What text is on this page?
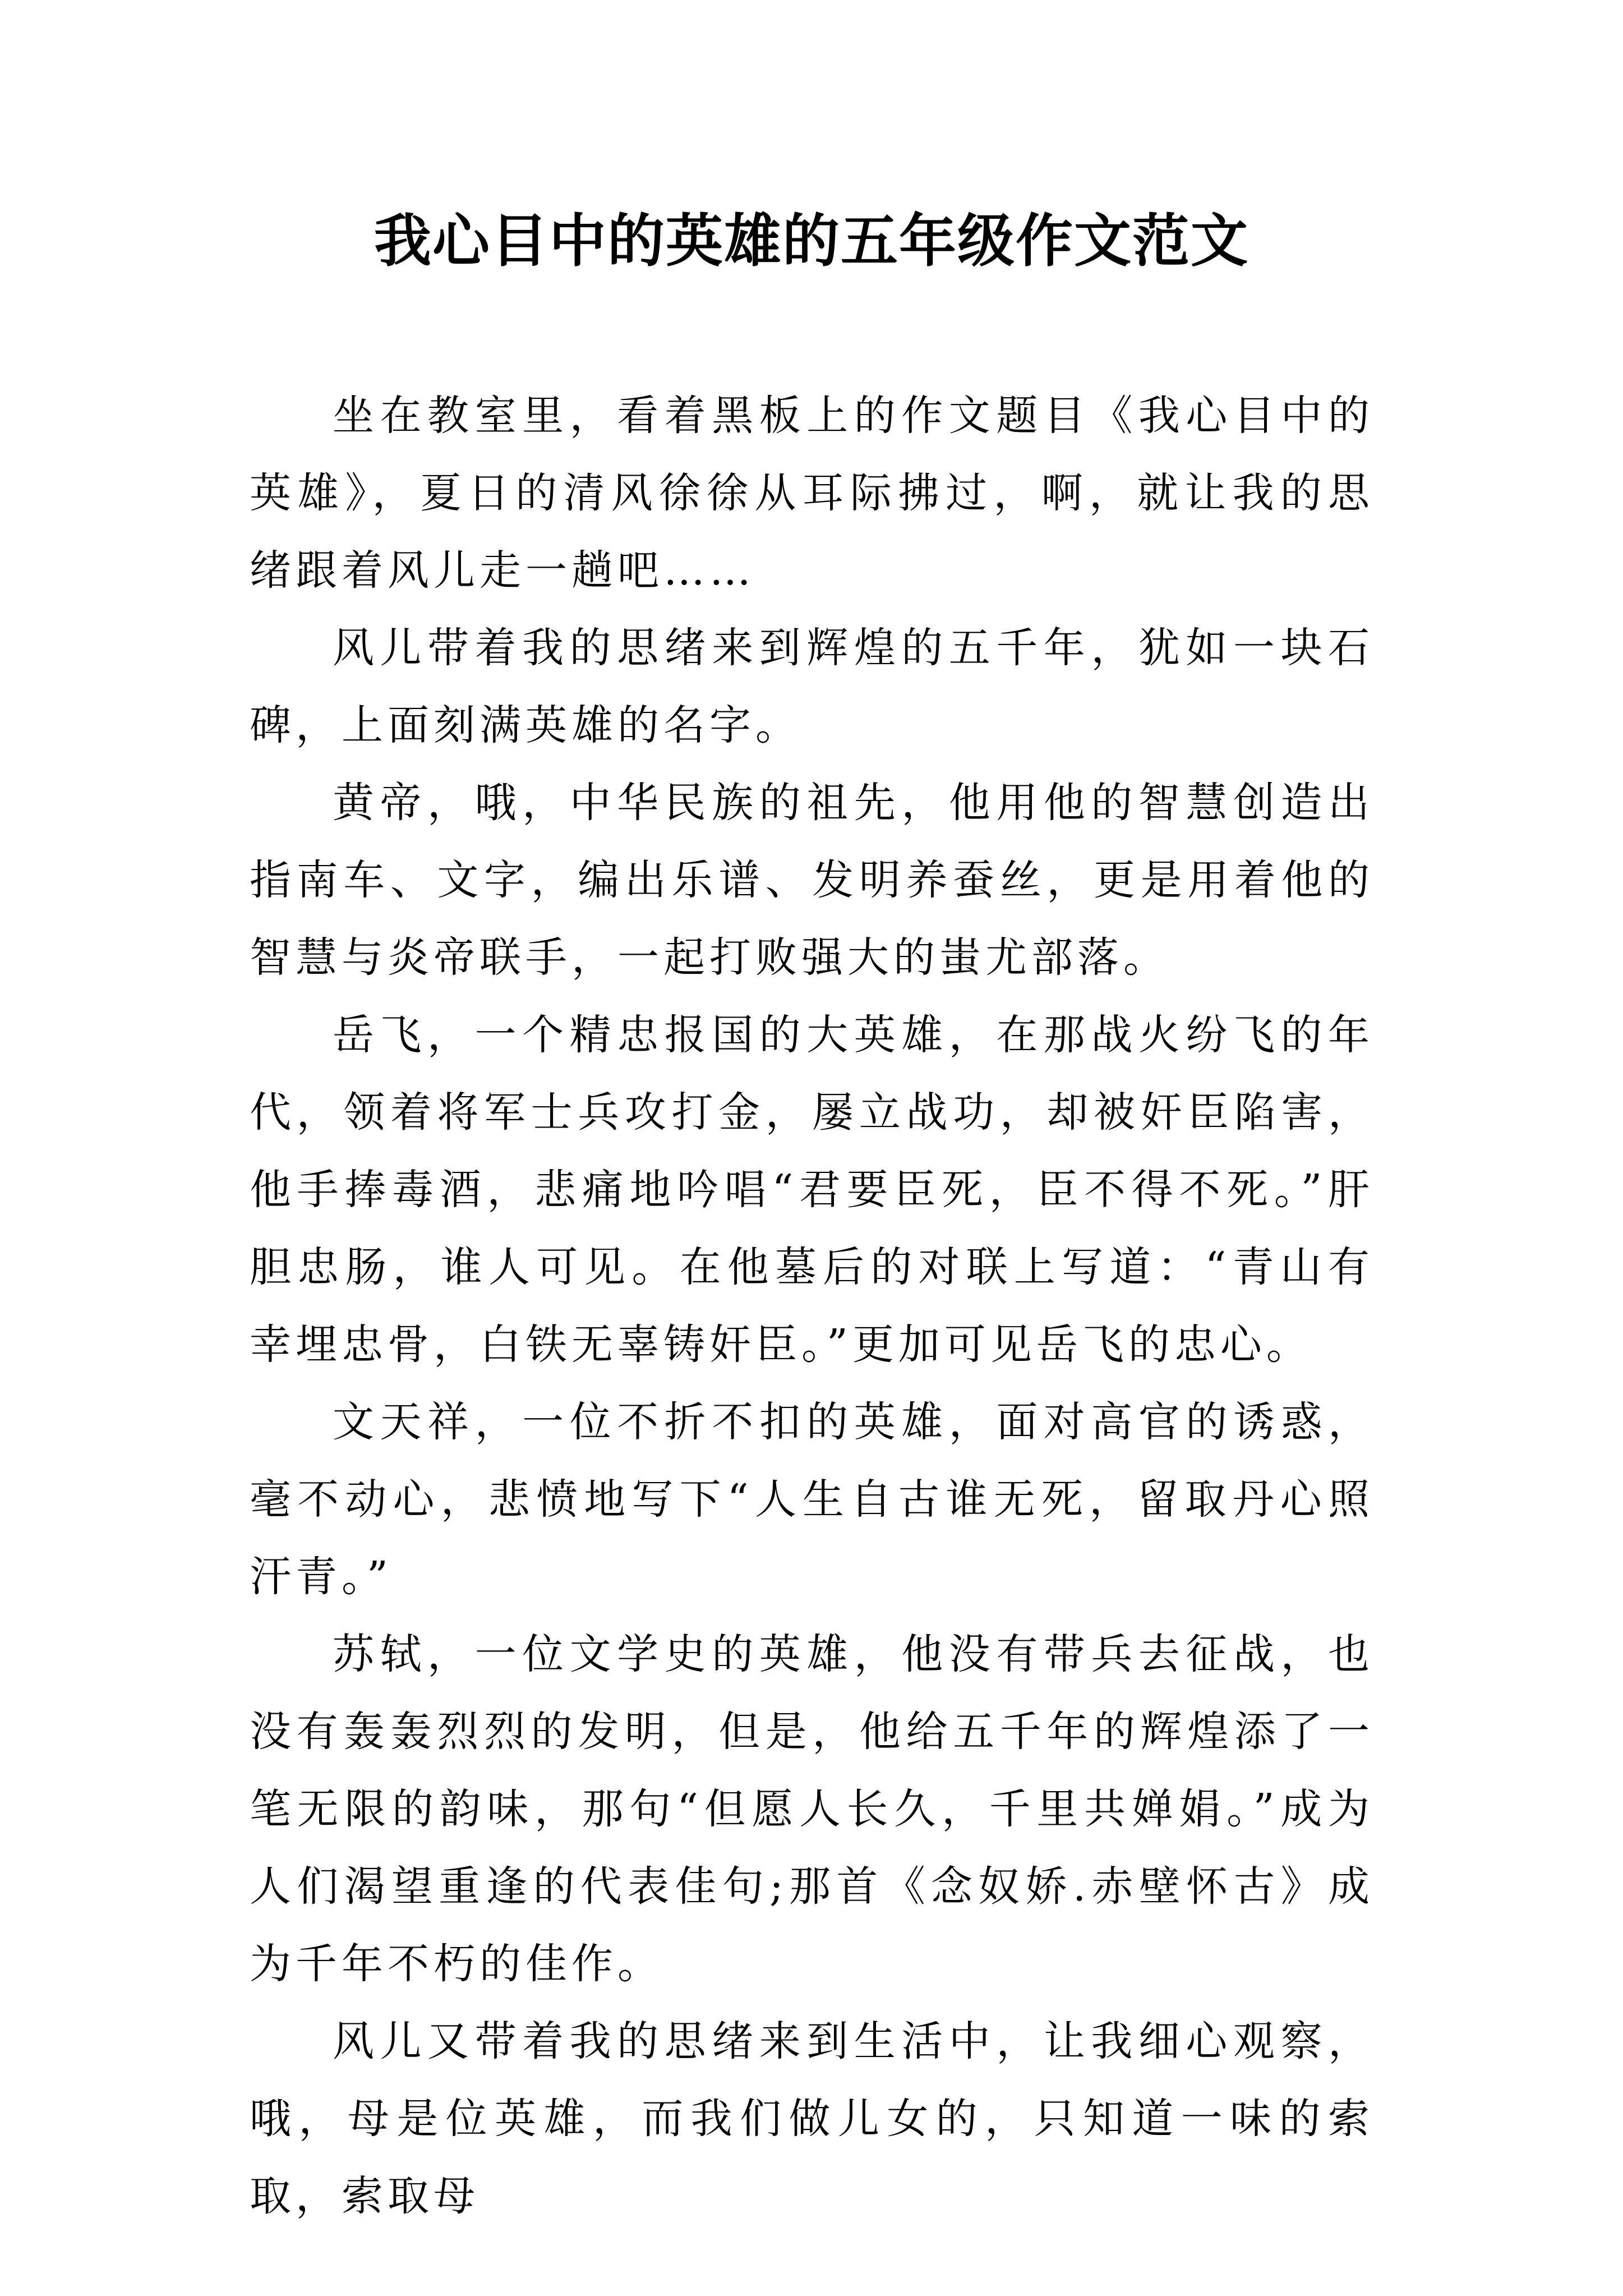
我心目中的英雄的五年级作文范文

坐在教室里，看着黑板上的作文题目《我心目中的英雄》，夏日的清风徐徐从耳际拂过，啊，就让我的思绪跟着风儿走一趟吧……

风儿带着我的思绪来到辉煌的五千年，犹如一块石碑，上面刻满英雄的名字。

黄帝，哦，中华民族的祖先，他用他的智慧创造出指南车、文字，编出乐谱、发明养蚕丝，更是用着他的智慧与炎帝联手，一起打败强大的蚩尤部落。

岳飞，一个精忠报国的大英雄，在那战火纷飞的年代，领着将军士兵攻打金，屡立战功，却被奸臣陷害，他手捧毒酒，悲痛地吟唱“君要臣死，臣不得不死。”肝胆忠肠，谁人可见。在他墓后的对联上写道：“青山有幸埋忠骨，白铁无辜铸奸臣。”更加可见岳飞的忠心。

文天祥，一位不折不扣的英雄，面对高官的诱惑，毫不动心，悲愤地写下“人生自古谁无死，留取丹心照汗青。”

苏轼，一位文学史的英雄，他没有带兵去征战，也没有轰轰烈烈的发明，但是，他给五千年的辉煌添了一笔无限的韵味，那句“但愿人长久，千里共婵娟。”成为人们渴望重逢的代表佳句;那首《念奴娇.赤壁怀古》成为千年不朽的佳作。

风儿又带着我的思绪来到生活中，让我细心观察，哦，母是位英雄，而我们做儿女的，只知道一味的索取，索取母
